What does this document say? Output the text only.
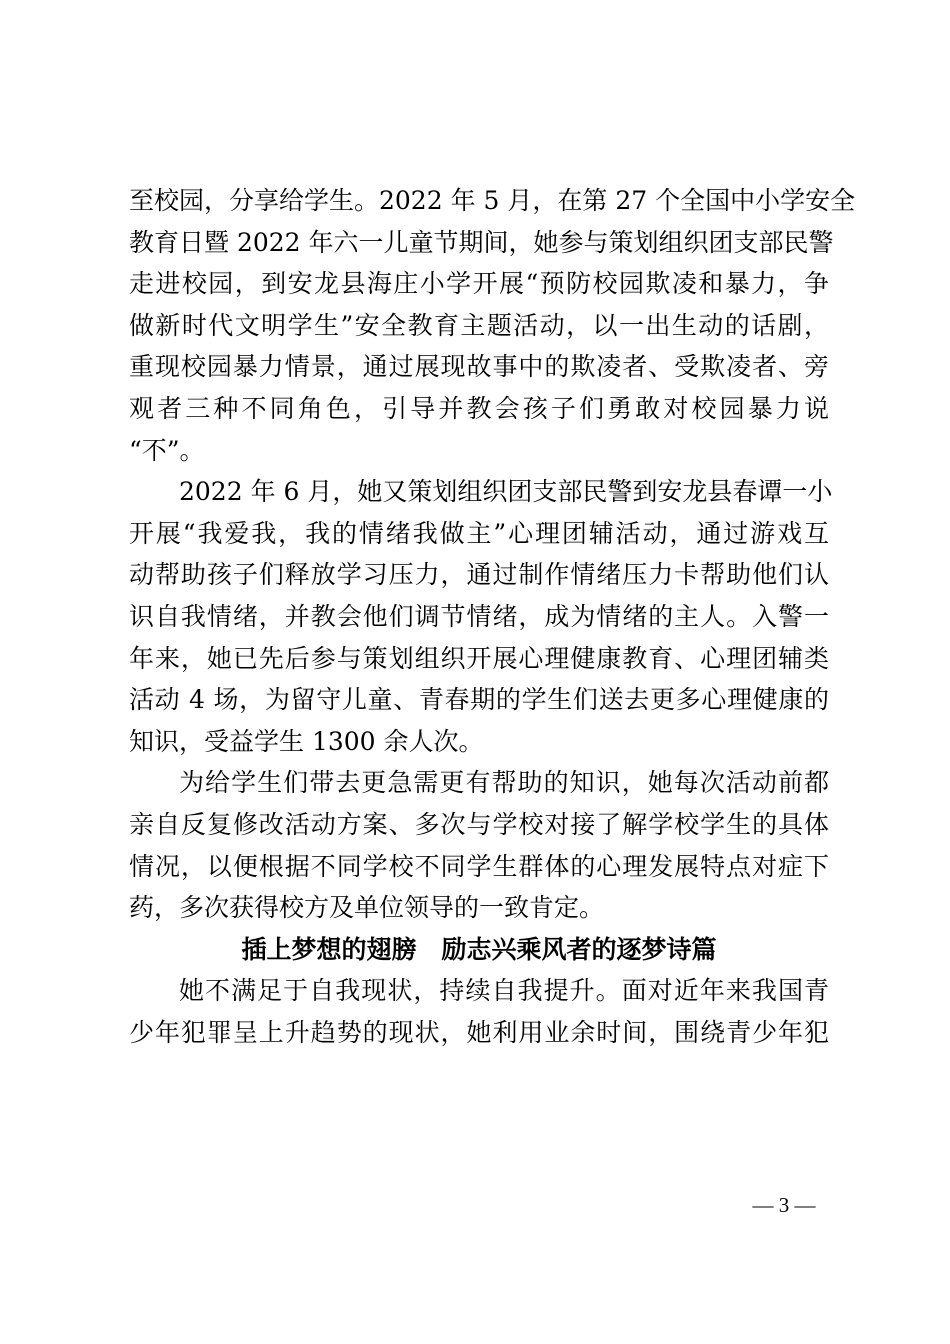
至校园，分享给学生。2022 年 5 月，在第 27 个全国中小学安全
教育日暨 2022 年六一儿童节期间，她参与策划组织团支部民警
走进校园，到安龙县海庄小学开展“预防校园欺凌和暴力，争
做新时代文明学生”安全教育主题活动，以一出生动的话剧，
重现校园暴力情景，通过展现故事中的欺凌者、受欺凌者、旁
观者三种不同角色，引导并教会孩子们勇敢对校园暴力说
“不”。
2022 年 6 月，她又策划组织团支部民警到安龙县春谭一小
开展“我爱我，我的情绪我做主”心理团辅活动，通过游戏互
动帮助孩子们释放学习压力，通过制作情绪压力卡帮助他们认
识自我情绪，并教会他们调节情绪，成为情绪的主人。入警一
年来，她已先后参与策划组织开展心理健康教育、心理团辅类
活动 4 场，为留守儿童、青春期的学生们送去更多心理健康的
知识，受益学生 1300 余人次。
为给学生们带去更急需更有帮助的知识，她每次活动前都
亲自反复修改活动方案、多次与学校对接了解学校学生的具体
情况，以便根据不同学校不同学生群体的心理发展特点对症下
药，多次获得校方及单位领导的一致肯定。
插上梦想的翅膀　励志兴乘风者的逐梦诗篇
她不满足于自我现状，持续自我提升。面对近年来我国青
少年犯罪呈上升趋势的现状，她利用业余时间，围绕青少年犯
— 3 —
